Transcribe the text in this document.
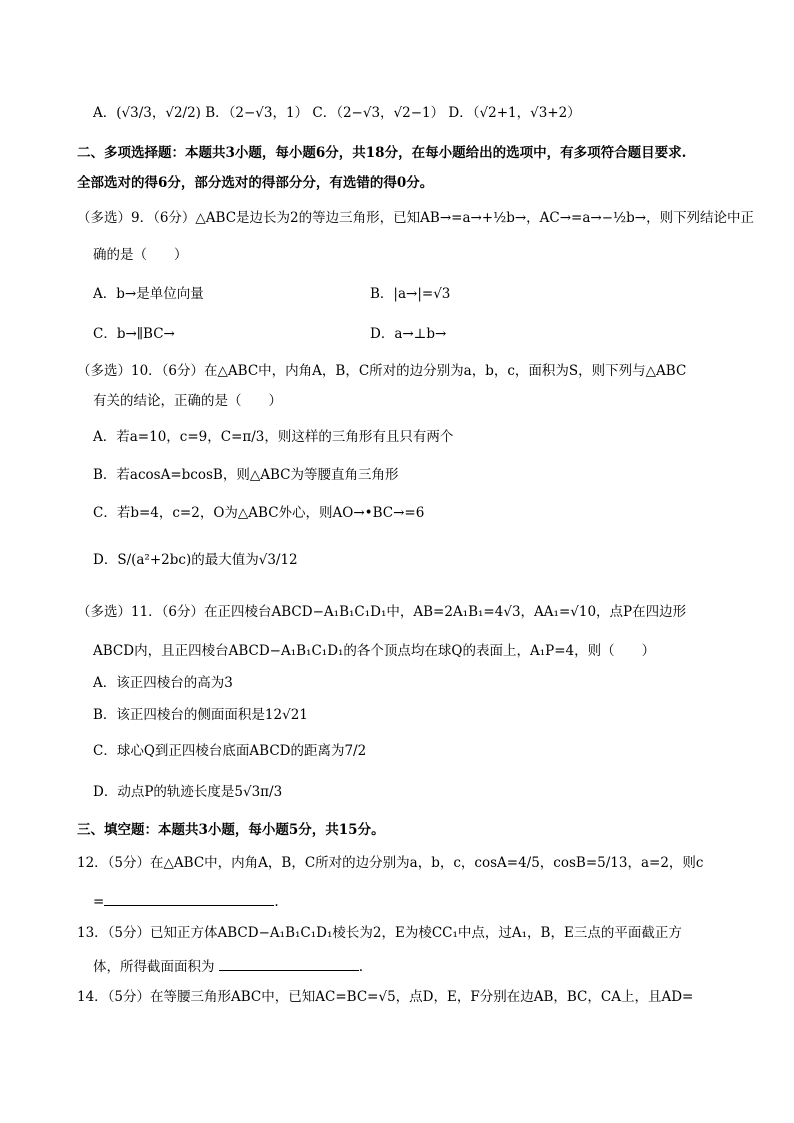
A．(√3/3，√2/2) B．（2−√3，1） C．（2−√3，√2−1） D．（√2+1，√3+2）
二、多项选择题：本题共3小题，每小题6分，共18分，在每小题给出的选项中，有多项符合题目要求.
全部选对的得6分，部分选对的得部分分，有选错的得0分。
（多选）9．（6分）△ABC是边长为2的等边三角形，已知AB→=a→+½b→，AC→=a→−½b→，则下列结论中正
确的是（　　）
A．b→是单位向量	B．|a→|=√3
C．b→∥BC→	D．a→⊥b→
（多选）10．（6分）在△ABC中，内角A，B，C所对的边分别为a，b，c，面积为S，则下列与△ABC
有关的结论，正确的是（　　）
A．若a=10，c=9，C=π/3，则这样的三角形有且只有两个
B．若acosA=bcosB，则△ABC为等腰直角三角形
C．若b=4，c=2，O为△ABC外心，则AO→•BC→=6
D．S/(a²+2bc)的最大值为√3/12
（多选）11．（6分）在正四棱台ABCD−A₁B₁C₁D₁中，AB=2A₁B₁=4√3，AA₁=√10，点P在四边形
ABCD内，且正四棱台ABCD−A₁B₁C₁D₁的各个顶点均在球Q的表面上，A₁P=4，则（　　）
A．该正四棱台的高为3
B．该正四棱台的侧面面积是12√21
C．球心Q到正四棱台底面ABCD的距离为7/2
D．动点P的轨迹长度是5√3π/3
三、填空题：本题共3小题，每小题5分，共15分。
12．（5分）在△ABC中，内角A，B，C所对的边分别为a，b，c，cosA=4/5，cosB=5/13，a=2，则c
=	.
13．（5分）已知正方体ABCD−A₁B₁C₁D₁棱长为2，E为棱CC₁中点，过A₁，B，E三点的平面截正方
体，所得截面面积为	.
14．（5分）在等腰三角形ABC中，已知AC=BC=√5，点D，E，F分别在边AB，BC，CA上，且AD=
